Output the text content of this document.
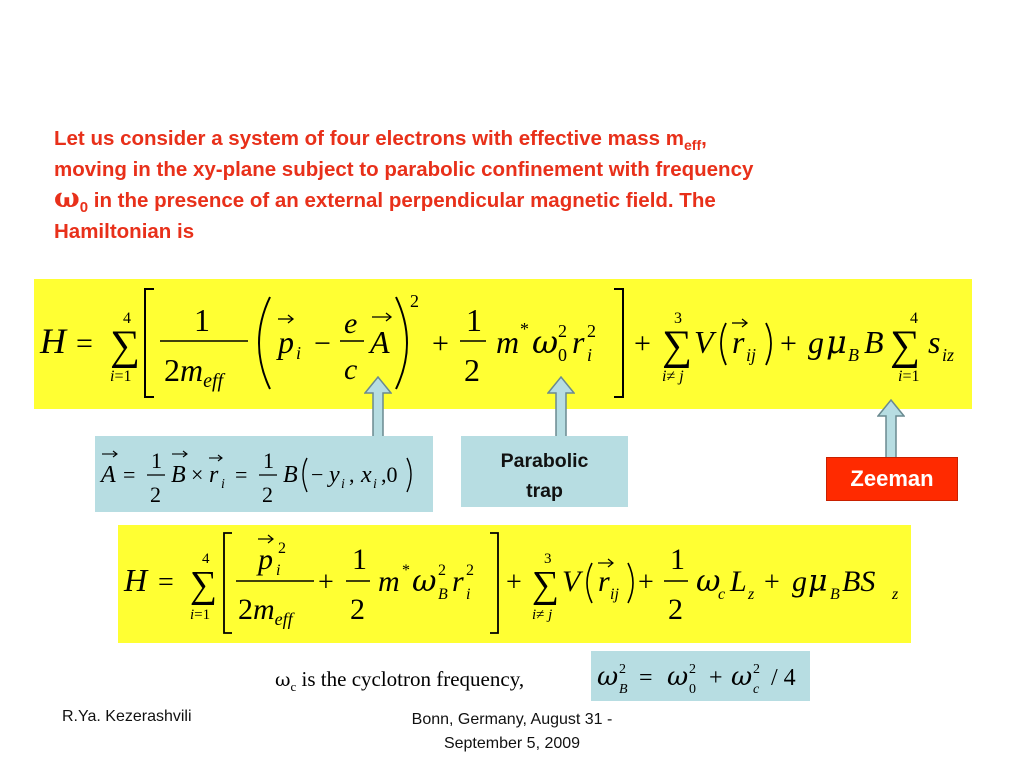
Let us consider a system of four electrons with effective mass $m_{eff}$,
moving in the xy-plane subject to parabolic confinement with frequency
$\omega_0$ in the presence of an external perpendicular magnetic field. The
Hamiltonian is
H =
4
∑
i=1
1
2meff
p i −
e
c
A
2
+
1
2
m * ω 2
0 r 2
i +
3
∑
i≠ j
V r ij + g μ B B
4
∑
i=1
s iz
A =
1
2
B × r i =
1
2
B − y i , x i ,0
Parabolic
trap	Zeeman
H =
4
∑
i=1
p 2
i
$2m_{eff}$
+
1
2
m * ω 2
B r 2
i +
3
∑
i≠ j
V r ij +
1
2
ω
c L z + g μ B BS z
$\omega_c$ is the cyclotron frequency,	ω 2
B = ω 2
0 + ω 2
c / 4
R.Ya. Kezerashvili	Bonn, Germany, August 31 -
September 5, 2009
